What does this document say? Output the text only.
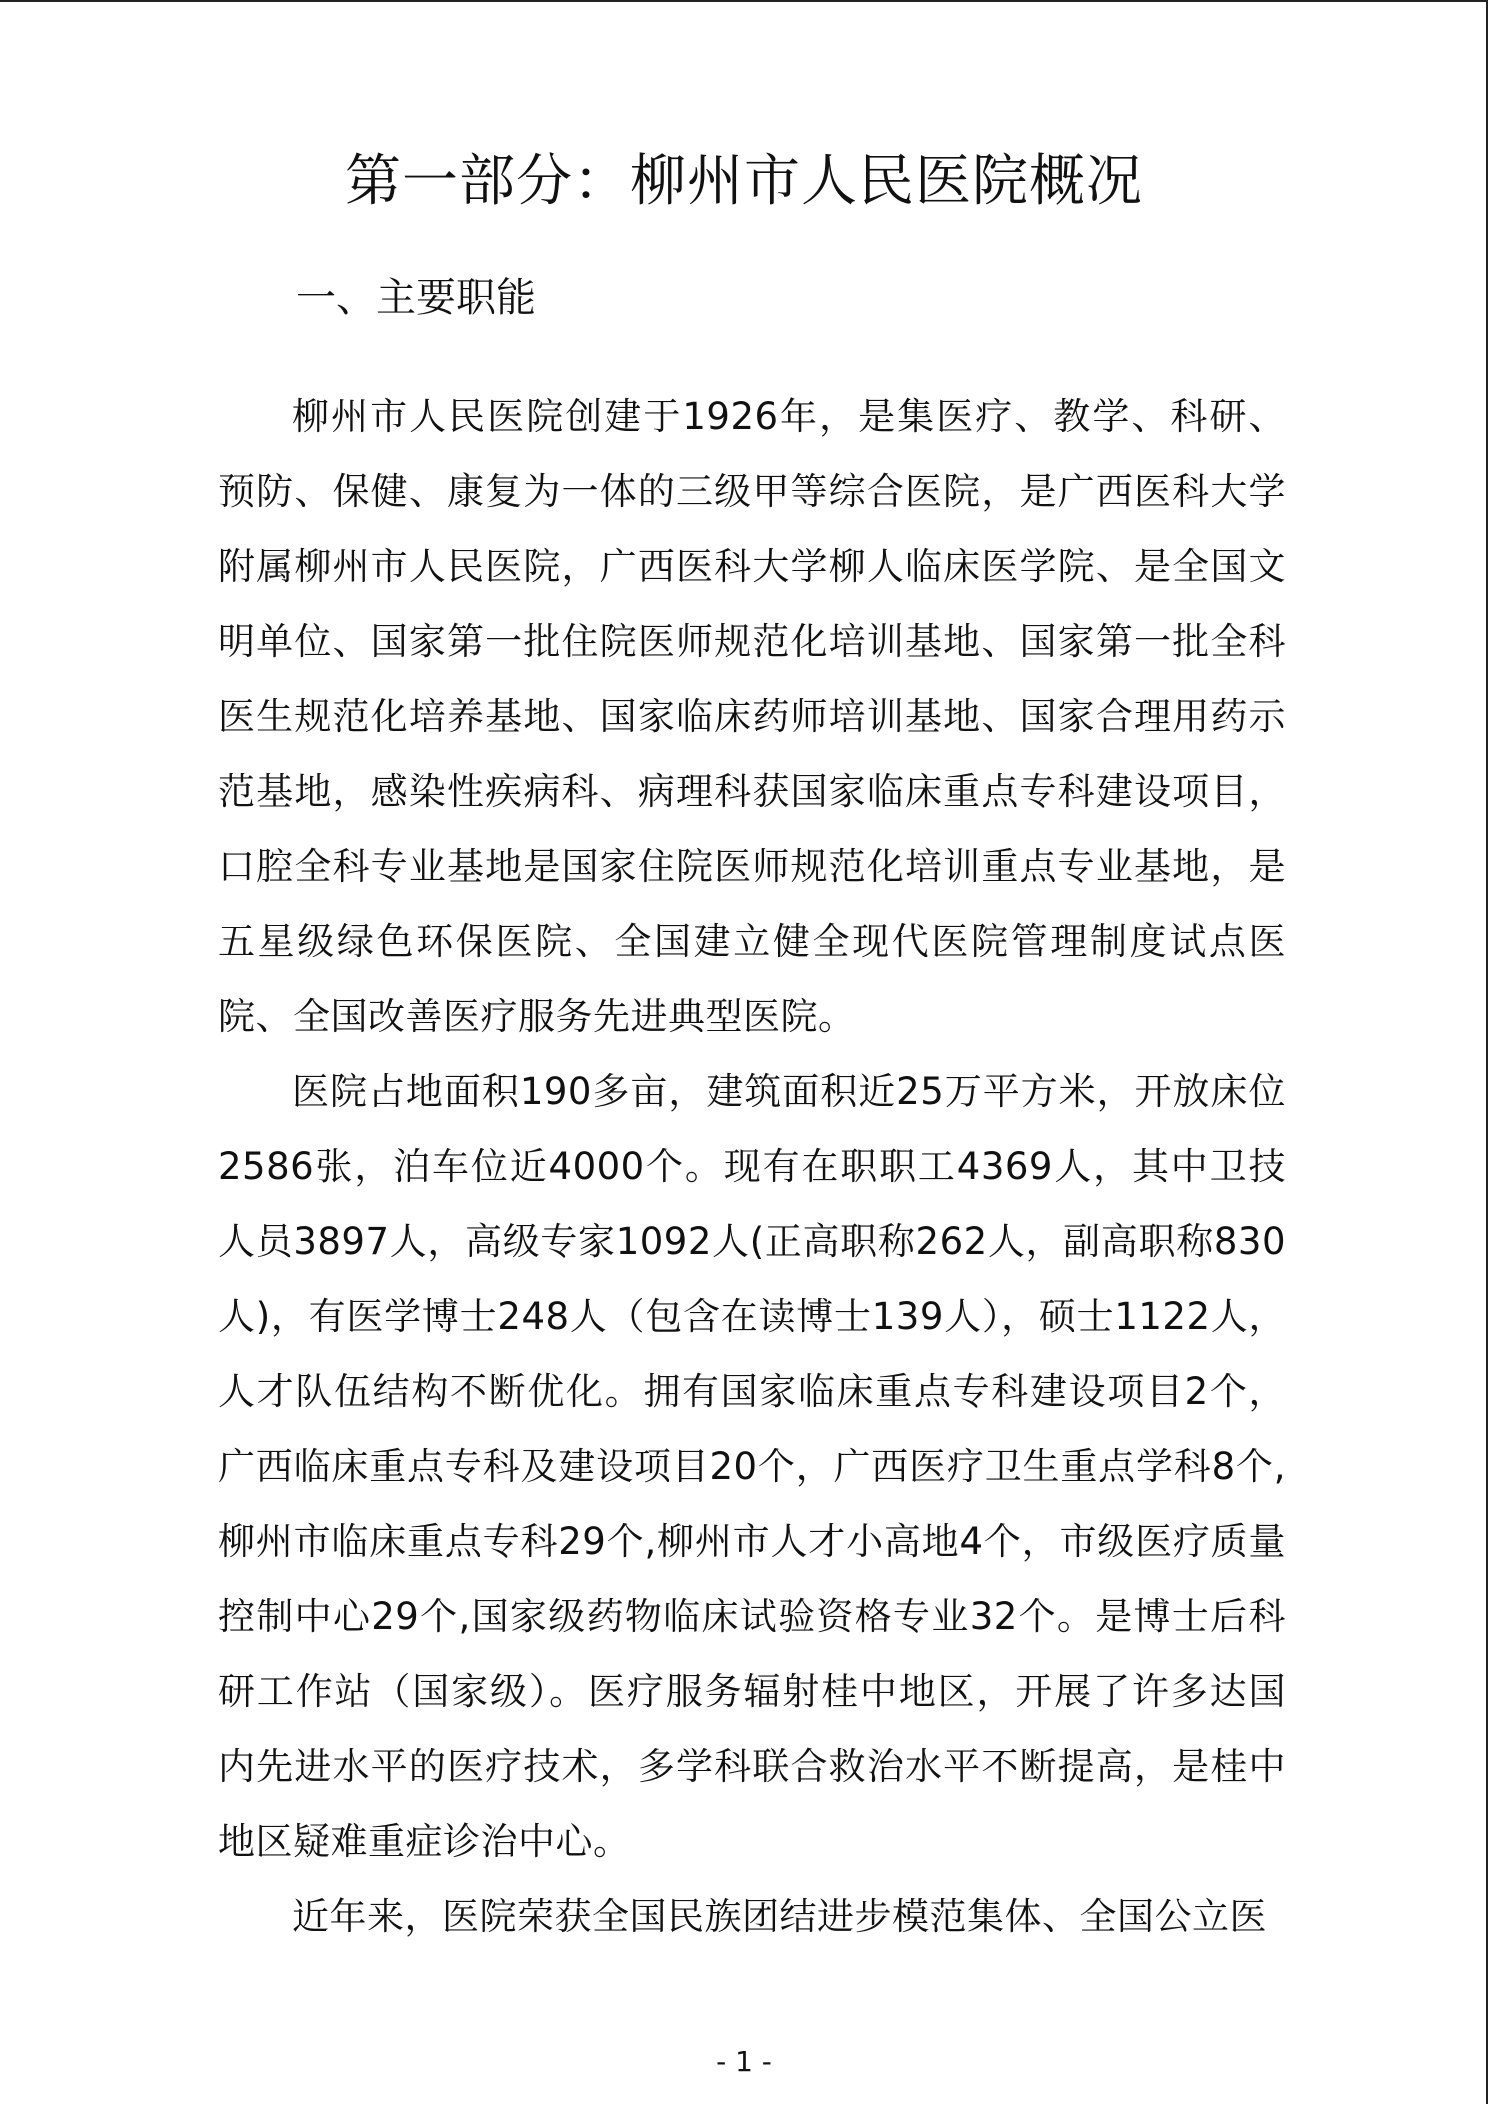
第一部分：柳州市人民医院概况
一、主要职能

柳州市人民医院创建于1926年，是集医疗、教学、科研、预防、保健、康复为一体的三级甲等综合医院，是广西医科大学附属柳州市人民医院，广西医科大学柳人临床医学院、是全国文明单位、国家第一批住院医师规范化培训基地、国家第一批全科医生规范化培养基地、国家临床药师培训基地、国家合理用药示范基地，感染性疾病科、病理科获国家临床重点专科建设项目，口腔全科专业基地是国家住院医师规范化培训重点专业基地，是五星级绿色环保医院、全国建立健全现代医院管理制度试点医院、全国改善医疗服务先进典型医院。

医院占地面积190多亩，建筑面积近25万平方米，开放床位2586张，泊车位近4000个。现有在职职工4369人，其中卫技人员3897人，高级专家1092人(正高职称262人，副高职称830人)，有医学博士248人（包含在读博士139人），硕士1122人，人才队伍结构不断优化。拥有国家临床重点专科建设项目2个，广西临床重点专科及建设项目20个，广西医疗卫生重点学科8个,柳州市临床重点专科29个,柳州市人才小高地4个，市级医疗质量控制中心29个,国家级药物临床试验资格专业32个。是博士后科研工作站（国家级）。医疗服务辐射桂中地区，开展了许多达国内先进水平的医疗技术，多学科联合救治水平不断提高，是桂中地区疑难重症诊治中心。

近年来，医院荣获全国民族团结进步模范集体、全国公立医

- 1 -
